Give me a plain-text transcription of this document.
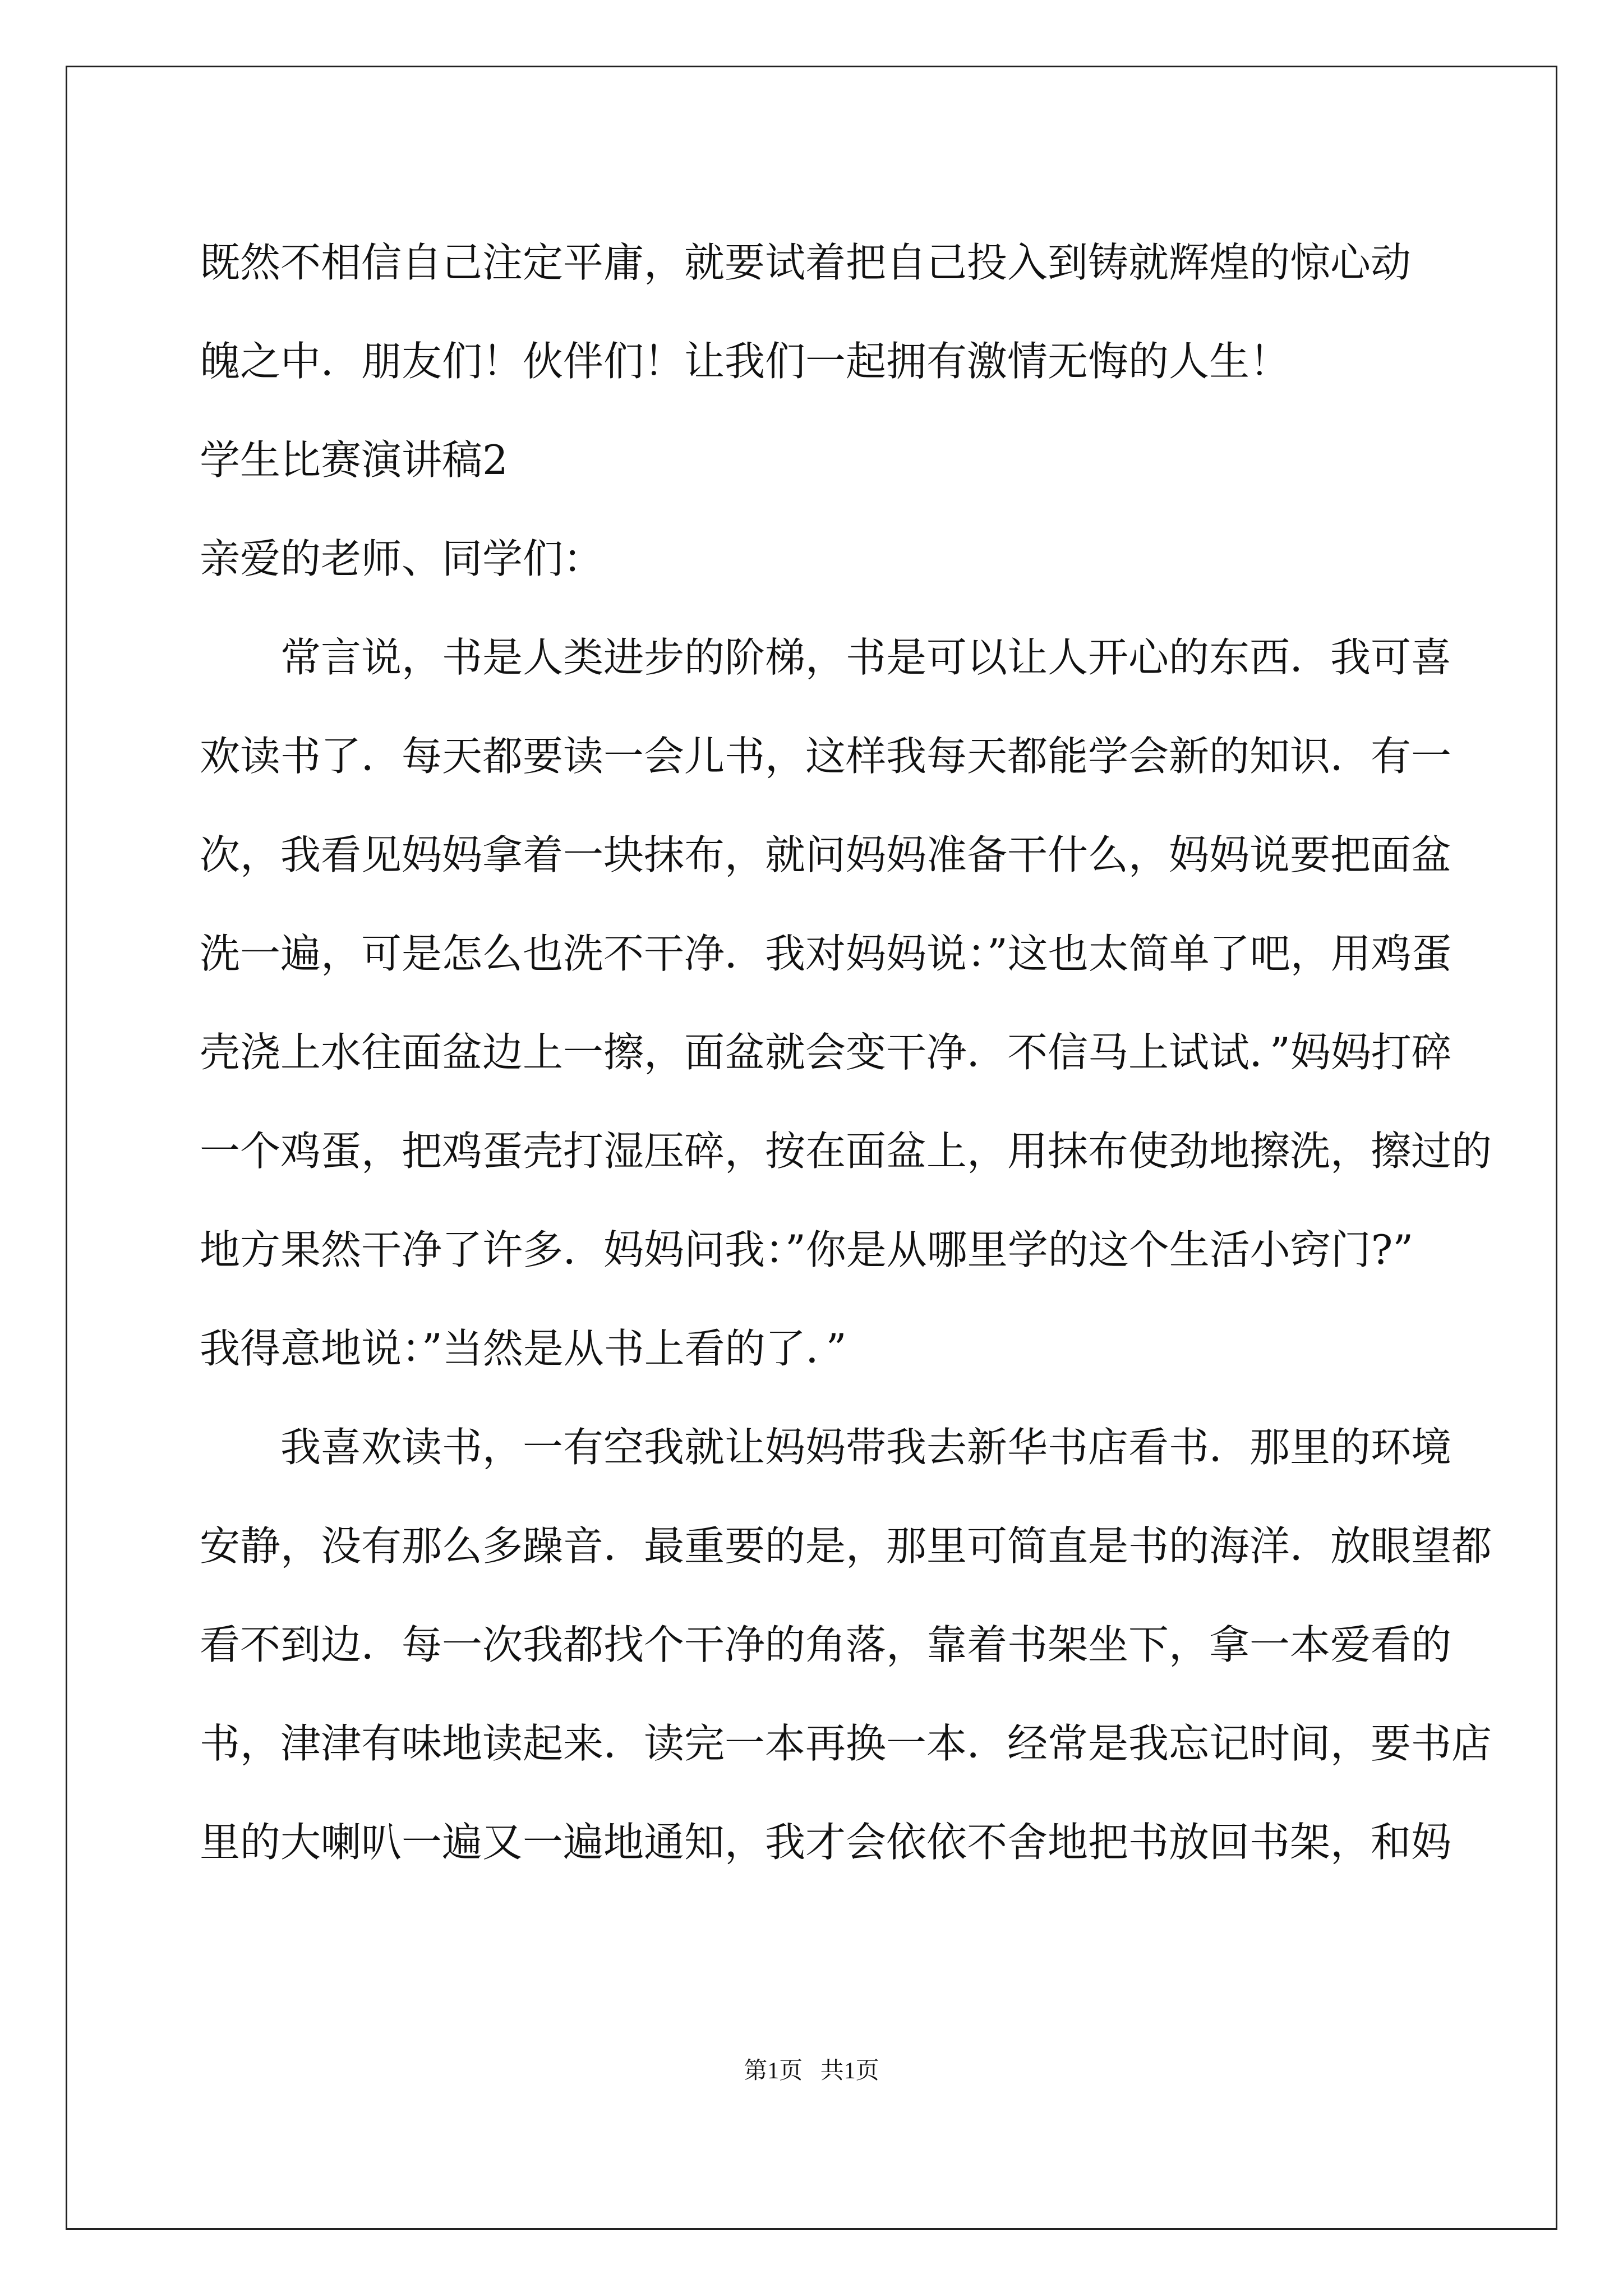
既然不相信自己注定平庸，就要试着把自己投入到铸就辉煌的惊心动
魄之中．朋友们！伙伴们！让我们一起拥有激情无悔的人生！
学生比赛演讲稿2
亲爱的老师、同学们：
常言说，书是人类进步的阶梯，书是可以让人开心的东西．我可喜
欢读书了．每天都要读一会儿书，这样我每天都能学会新的知识．有一
次，我看见妈妈拿着一块抹布，就问妈妈准备干什么，妈妈说要把面盆
洗一遍，可是怎么也洗不干净．我对妈妈说：”这也太简单了吧，用鸡蛋
壳浇上水往面盆边上一擦，面盆就会变干净．不信马上试试．”妈妈打碎
一个鸡蛋，把鸡蛋壳打湿压碎，按在面盆上，用抹布使劲地擦洗，擦过的
地方果然干净了许多．妈妈问我：”你是从哪里学的这个生活小窍门?”
我得意地说：”当然是从书上看的了．”
我喜欢读书，一有空我就让妈妈带我去新华书店看书．那里的环境
安静，没有那么多躁音．最重要的是，那里可简直是书的海洋．放眼望都
看不到边．每一次我都找个干净的角落，靠着书架坐下，拿一本爱看的
书，津津有味地读起来．读完一本再换一本．经常是我忘记时间，要书店
里的大喇叭一遍又一遍地通知，我才会依依不舍地把书放回书架，和妈
第1页   共1页
